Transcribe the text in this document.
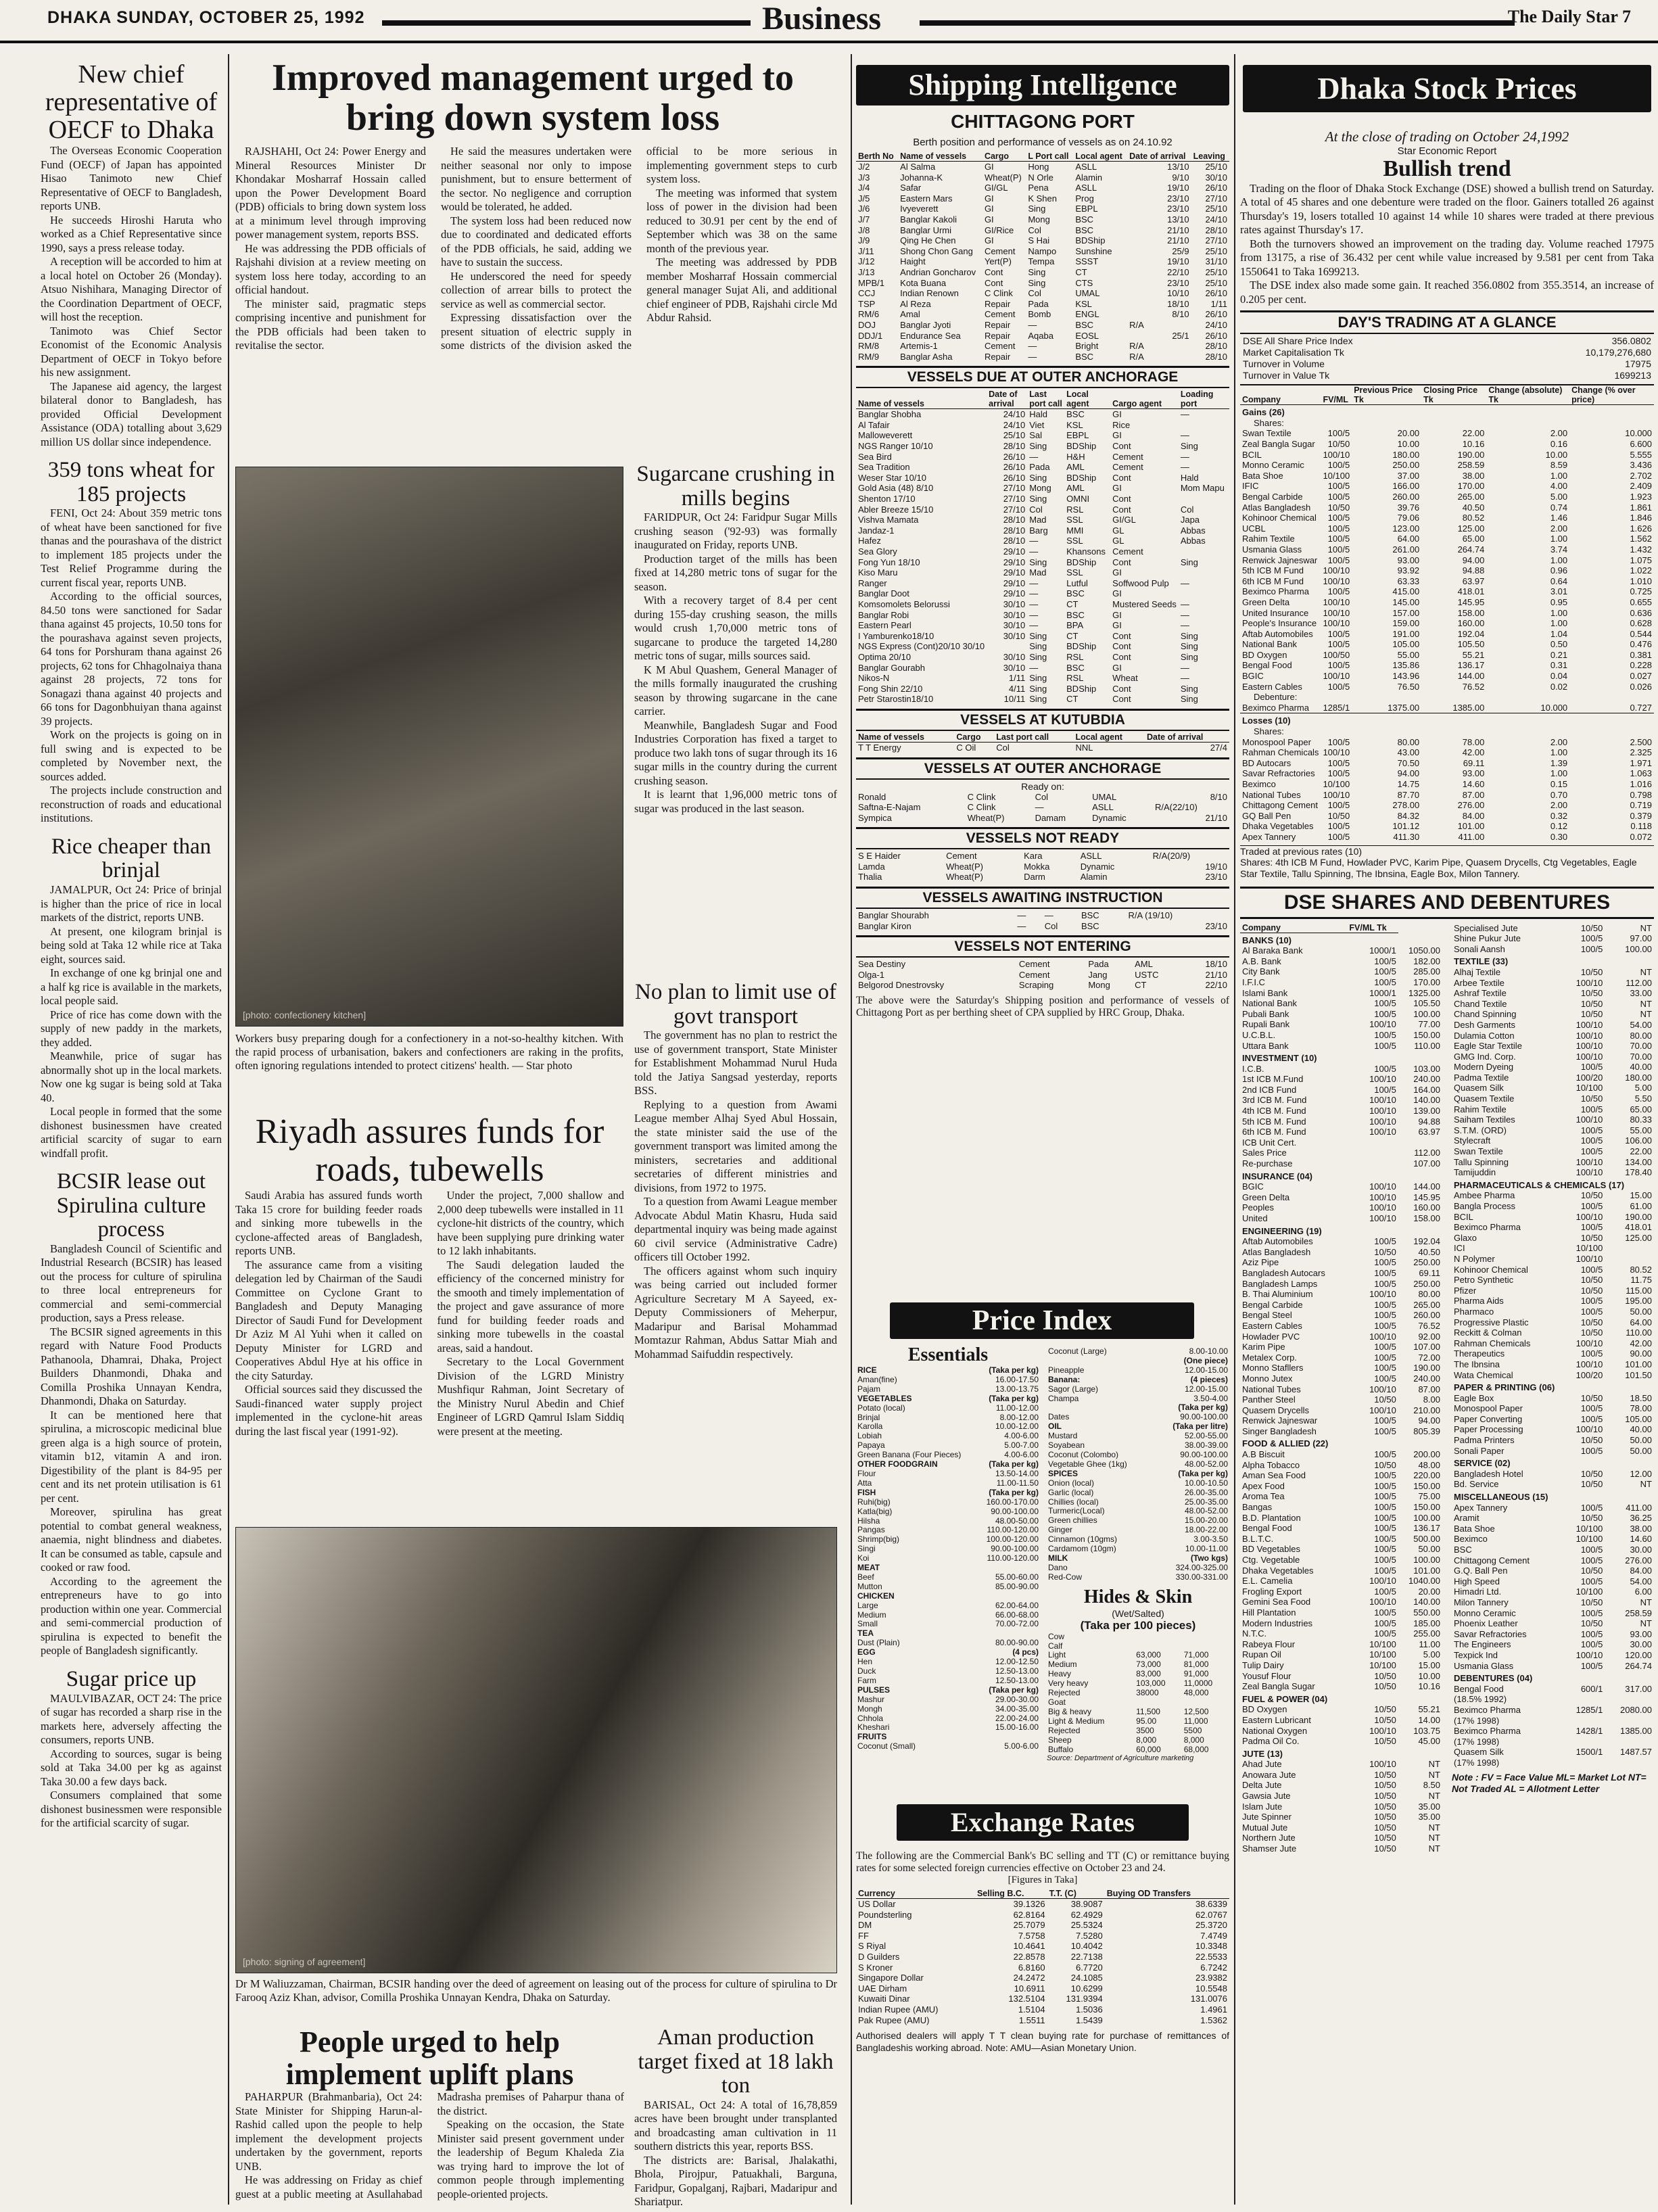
DHAKA SUNDAY, OCTOBER 25, 1992	Business	The Daily Star 7
New chief representative of OECF to Dhaka

The Overseas Economic Cooperation Fund (OECF) of Japan has appointed Hisao Tanimoto new Chief Representative of OECF to Bangladesh, reports UNB.

He succeeds Hiroshi Haruta who worked as a Chief Representative since 1990, says a press release today.

A reception will be accorded to him at a local hotel on October 26 (Monday). Atsuo Nishihara, Managing Director of the Coordination Department of OECF, will host the reception.

Tanimoto was Chief Sector Economist of the Economic Analysis Department of OECF in Tokyo before his new assignment.

The Japanese aid agency, the largest bilateral donor to Bangladesh, has provided Official Development Assistance (ODA) totalling about 3,629 million US dollar since independence.

359 tons wheat for 185 projects

FENI, Oct 24: About 359 metric tons of wheat have been sanctioned for five thanas and the pourashava of the district to implement 185 projects under the Test Relief Programme during the current fiscal year, reports UNB.

According to the official sources, 84.50 tons were sanctioned for Sadar thana against 45 projects, 10.50 tons for the pourashava against seven projects, 64 tons for Porshuram thana against 26 projects, 62 tons for Chhagolnaiya thana against 28 projects, 72 tons for Sonagazi thana against 40 projects and 66 tons for Dagonbhuiyan thana against 39 projects.

Work on the projects is going on in full swing and is expected to be completed by November next, the sources added.

The projects include construction and reconstruction of roads and educational institutions.

Rice cheaper than brinjal

JAMALPUR, Oct 24: Price of brinjal is higher than the price of rice in local markets of the district, reports UNB.

At present, one kilogram brinjal is being sold at Taka 12 while rice at Taka eight, sources said.

In exchange of one kg brinjal one and a half kg rice is available in the markets, local people said.

Price of rice has come down with the supply of new paddy in the markets, they added.

Meanwhile, price of sugar has abnormally shot up in the local markets. Now one kg sugar is being sold at Taka 40.

Local people in formed that the some dishonest businessmen have created artificial scarcity of sugar to earn windfall profit.

BCSIR lease out Spirulina culture process

Bangladesh Council of Scientific and Industrial Research (BCSIR) has leased out the process for culture of spirulina to three local entrepreneurs for commercial and semi-commercial production, says a Press release.

The BCSIR signed agreements in this regard with Nature Food Products Pathanoola, Dhamrai, Dhaka, Project Builders Dhanmondi, Dhaka and Comilla Proshika Unnayan Kendra, Dhanmondi, Dhaka on Saturday.

It can be mentioned here that spirulina, a microscopic medicinal blue green alga is a high source of protein, vitamin b12, vitamin A and iron. Digestibility of the plant is 84-95 per cent and its net protein utilisation is 61 per cent.

Moreover, spirulina has great potential to combat general weakness, anaemia, night blindness and diabetes. It can be consumed as table, capsule and cooked or raw food.

According to the agreement the entrepreneurs have to go into production within one year. Commercial and semi-commercial production of spirulina is expected to benefit the people of Bangladesh significantly.

Sugar price up

MAULVIBAZAR, OCT 24: The price of sugar has recorded a sharp rise in the markets here, adversely affecting the consumers, reports UNB.

According to sources, sugar is being sold at Taka 34.00 per kg as against Taka 30.00 a few days back.

Consumers complained that some dishonest businessmen were responsible for the artificial scarcity of sugar.

Improved management urged to bring down system loss

RAJSHAHI, Oct 24: Power Energy and Mineral Resources Minister Dr Khondakar Mosharraf Hossain called upon the Power Development Board (PDB) officials to bring down system loss at a minimum level through improving power management system, reports BSS.

He was addressing the PDB officials of Rajshahi division at a review meeting on system loss here today, according to an official handout.

The minister said, pragmatic steps comprising incentive and punishment for the PDB officials had been taken to revitalise the sector.

He said the measures undertaken were neither seasonal nor only to impose punishment, but to ensure betterment of the sector. No negligence and corruption would be tolerated, he added.

The system loss had been reduced now due to coordinated and dedicated efforts of the PDB officials, he said, adding we have to sustain the success.

He underscored the need for speedy collection of arrear bills to protect the service as well as commercial sector.

Expressing dissatisfaction over the present situation of electric supply in some districts of the division asked the official to be more serious in implementing government steps to curb system loss.

The meeting was informed that system loss of power in the division had been reduced to 30.91 per cent by the end of September which was 38 on the same month of the previous year.

The meeting was addressed by PDB member Mosharraf Hossain commercial general manager Sujat Ali, and additional chief engineer of PDB, Rajshahi circle Md Abdur Rahsid.

[photo: confectionery kitchen]
Workers busy preparing dough for a confectionery in a not-so-healthy kitchen. With the rapid process of urbanisation, bakers and confectioners are raking in the profits, often ignoring regulations intended to protect citizens' health. — Star photo
Sugarcane crushing in mills begins

FARIDPUR, Oct 24: Faridpur Sugar Mills crushing season ('92-93) was formally inaugurated on Friday, reports UNB.

Production target of the mills has been fixed at 14,280 metric tons of sugar for the season.

With a recovery target of 8.4 per cent during 155-day crushing season, the mills would crush 1,70,000 metric tons of sugarcane to produce the targeted 14,280 metric tons of sugar, mills sources said.

K M Abul Quashem, General Manager of the mills formally inaugurated the crushing season by throwing sugarcane in the cane carrier.

Meanwhile, Bangladesh Sugar and Food Industries Corporation has fixed a target to produce two lakh tons of sugar through its 16 sugar mills in the country during the current crushing season.

It is learnt that 1,96,000 metric tons of sugar was produced in the last season.

No plan to limit use of govt transport

The government has no plan to restrict the use of government transport, State Minister for Establishment Mohammad Nurul Huda told the Jatiya Sangsad yesterday, reports BSS.

Replying to a question from Awami League member Alhaj Syed Abul Hossain, the state minister said the use of the government transport was limited among the ministers, secretaries and additional secretaries of different ministries and divisions, from 1972 to 1975.

To a question from Awami League member Advocate Abdul Matin Khasru, Huda said departmental inquiry was being made against 60 civil service (Administrative Cadre) officers till October 1992.

The officers against whom such inquiry was being carried out included former Agriculture Secretary M A Sayeed, ex-Deputy Commissioners of Meherpur, Madaripur and Barisal Mohammad Momtazur Rahman, Abdus Sattar Miah and Mohammad Saifuddin respectively.

Riyadh assures funds for roads, tubewells

Saudi Arabia has assured funds worth Taka 15 crore for building feeder roads and sinking more tubewells in the cyclone-affected areas of Bangladesh, reports UNB.

The assurance came from a visiting delegation led by Chairman of the Saudi Committee on Cyclone Grant to Bangladesh and Deputy Managing Director of Saudi Fund for Development Dr Aziz M Al Yuhi when it called on Deputy Minister for LGRD and Cooperatives Abdul Hye at his office in the city Saturday.

Official sources said they discussed the Saudi-financed water supply project implemented in the cyclone-hit areas during the last fiscal year (1991-92).

Under the project, 7,000 shallow and 2,000 deep tubewells were installed in 11 cyclone-hit districts of the country, which have been supplying pure drinking water to 12 lakh inhabitants.

The Saudi delegation lauded the efficiency of the concerned ministry for the smooth and timely implementation of the project and gave assurance of more fund for building feeder roads and sinking more tubewells in the coastal areas, said a handout.

Secretary to the Local Government Division of the LGRD Ministry Mushfiqur Rahman, Joint Secretary of the Ministry Nurul Abedin and Chief Engineer of LGRD Qamrul Islam Siddiq were present at the meeting.

[photo: signing of agreement]
Dr M Waliuzzaman, Chairman, BCSIR handing over the deed of agreement on leasing out of the process for culture of spirulina to Dr Farooq Aziz Khan, advisor, Comilla Proshika Unnayan Kendra, Dhaka on Saturday.
People urged to help implement uplift plans

PAHARPUR (Brahmanbaria), Oct 24: State Minister for Shipping Harun-al-Rashid called upon the people to help implement the development projects undertaken by the government, reports UNB.

He was addressing on Friday as chief guest at a public meeting at Asullahabad Madrasha premises of Paharpur thana of the district.

Speaking on the occasion, the State Minister said present government under the leadership of Begum Khaleda Zia was trying hard to improve the lot of common people through implementing people-oriented projects.

Aman production target fixed at 18 lakh ton

BARISAL, Oct 24: A total of 16,78,859 acres have been brought under transplanted and broadcasting aman cultivation in 11 southern districts this year, reports BSS.

The districts are: Barisal, Jhalakathi, Bhola, Pirojpur, Patuakhali, Barguna, Faridpur, Gopalganj, Rajbari, Madaripur and Shariatpur.

Shipping Intelligence
CHITTAGONG PORT
Berth position and performance of vessels as on 24.10.92
Berth No	Name of vessels	Cargo	L Port call	Local agent	Date of arrival	Leaving
J/2	Al Salma	GI	Hong	ASLL	13/10	25/10
J/3	Johanna-K	Wheat(P)	N Orle	Alamin	9/10	30/10
J/4	Safar	GI/GL	Pena	ASLL	19/10	26/10
J/5	Eastern Mars	GI	K Shen	Prog	23/10	27/10
J/6	Ivyeverett	GI	Sing	EBPL	23/10	25/10
J/7	Banglar Kakoli	GI	Mong	BSC	13/10	24/10
J/8	Banglar Urmi	GI/Rice	Col	BSC	21/10	28/10
J/9	Qing He Chen	GI	S Hai	BDShip	21/10	27/10
J/11	Shong Chon Gang	Cement	Nampo	Sunshine	25/9	25/10
J/12	Haight	Yert(P)	Tempa	SSST	19/10	31/10
J/13	Andrian Goncharov	Cont	Sing	CT	22/10	25/10
MPB/1	Kota Buana	Cont	Sing	CTS	23/10	25/10
CCJ	Indian Renown	C Clink	Col	UMAL	10/10	26/10
TSP	Al Reza	Repair	Pada	KSL	18/10	1/11
RM/6	Amal	Cement	Bomb	ENGL	8/10	26/10
DOJ	Banglar Jyoti	Repair	—	BSC	R/A	24/10
DDJ/1	Endurance Sea	Repair	Aqaba	EOSL	25/1	26/10
RM/8	Artemis-1	Cement	—	Bright	R/A	28/10
RM/9	Banglar Asha	Repair	—	BSC	R/A	28/10
VESSELS DUE AT OUTER ANCHORAGE
Name of vessels	Date of arrival	Last port call	Local agent	Cargo agent	Loading port
Banglar Shobha	24/10	Hald	BSC	GI	—
Al Tafair	24/10	Viet	KSL	Rice	
Malloweverett	25/10	Sal	EBPL	GI	—
NGS Ranger 10/10	28/10	Sing	BDShip	Cont	Sing
Sea Bird	26/10	—	H&H	Cement	—
Sea Tradition	26/10	Pada	AML	Cement	—
Weser Star 10/10	26/10	Sing	BDShip	Cont	Hald
Gold Asia (48) 8/10	27/10	Mong	AML	GI	Mom Mapu
Shenton 17/10	27/10	Sing	OMNI	Cont	
Abler Breeze 15/10	27/10	Col	RSL	Cont	Col
Vishva Mamata	28/10	Mad	SSL	GI/GL	Japa
Jandaz-1	28/10	Barg	MMI	GL	Abbas
Hafez	28/10	—	SSL	GL	Abbas
Sea Glory	29/10	—	Khansons	Cement	
Fong Yun 18/10	29/10	Sing	BDShip	Cont	Sing
Kiso Maru	29/10	Mad	SSL	GI	
Ranger	29/10	—	Lutful	Soffwood Pulp	—
Banglar Doot	29/10	—	BSC	GI	
Komsomolets Belorussi	30/10	—	CT	Mustered Seeds	—
Banglar Robi	30/10	—	BSC	GI	—
Eastern Pearl	30/10	—	BPA	GI	—
I Yamburenko18/10	30/10	Sing	CT	Cont	Sing
NGS Express (Cont)20/10 30/10		Sing	BDShip	Cont	Sing
Optima 20/10	30/10	Sing	RSL	Cont	Sing
Banglar Gourabh	30/10	—	BSC	GI	—
Nikos-N	1/11	Sing	RSL	Wheat	—
Fong Shin 22/10	4/11	Sing	BDShip	Cont	Sing
Petr Starostin18/10	10/11	Sing	CT	Cont	Sing
VESSELS AT KUTUBDIA
Name of vessels	Cargo	Last port call	Local agent	Date of arrival
T T Energy	C Oil	Col	NNL	27/4
VESSELS AT OUTER ANCHORAGE
Ready on:
Ronald	C Clink	Col	UMAL	8/10
Saftna-E-Najam	C Clink	—	ASLL	R/A(22/10)
Sympica	Wheat(P)	Damam	Dynamic	21/10
VESSELS NOT READY
S E Haider	Cement	Kara	ASLL	R/A(20/9)
Lamda	Wheat(P)	Mokka	Dynamic	19/10
Thalia	Wheat(P)	Darm	Alamin	23/10
VESSELS AWAITING INSTRUCTION
Banglar Shourabh	—	—	BSC	R/A (19/10)
Banglar Kiron	—	Col	BSC	23/10
VESSELS NOT ENTERING
Sea Destiny	Cement	Pada	AML	18/10
Olga-1	Cement	Jang	USTC	21/10
Belgorod Dnestrovsky	Scraping	Mong	CT	22/10
The above were the Saturday's Shipping position and performance of vessels of Chittagong Port as per berthing sheet of CPA supplied by HRC Group, Dhaka.
Price Index
Essentials
RICE	(Taka per kg)
Aman(fine)	16.00-17.50
Pajam	13.00-13.75
VEGETABLES	(Taka per kg)
Potato (local)	11.00-12.00
Brinjal	8.00-12.00
Karolla	10.00-12.00
Lobiah	4.00-6.00
Papaya	5.00-7.00
Green Banana (Four Pieces)	4.00-6.00
OTHER FOODGRAIN	(Taka per kg)
Flour	13.50-14.00
Atta	11.00-11.50
FISH	(Taka per kg)
Ruhi(big)	160.00-170.00
Katla(big)	90.00-100.00
Hilsha	48.00-50.00
Pangas	110.00-120.00
Shrimp(big)	100.00-120.00
Singi	90.00-100.00
Koi	110.00-120.00
MEAT	
Beef	55.00-60.00
Mutton	85.00-90.00
CHICKEN	
Large	62.00-64.00
Medium	66.00-68.00
Small	70.00-72.00
TEA	
Dust (Plain)	80.00-90.00
EGG	(4 pcs)
Hen	12.00-12.50
Duck	12.50-13.00
Farm	12.50-13.00
PULSES	(Taka per kg)
Mashur	29.00-30.00
Mongh	34.00-35.00
Chhola	22.00-24.00
Kheshari	15.00-16.00
FRUITS	
Coconut (Small)	5.00-6.00
Coconut (Large)	8.00-10.00
	(One piece)
Pineapple	12.00-15.00
Banana:	(4 pieces)
Sagor (Large)	12.00-15.00
Champa	3.50-4.00
	(Taka per kg)
Dates	90.00-100.00
OIL	(Taka per litre)
Mustard	52.00-55.00
Soyabean	38.00-39.00
Coconut (Colombo)	90.00-100.00
Vegetable Ghee (1kg)	48.00-52.00
SPICES	(Taka per kg)
Onion (local)	10.00-10.50
Garlic (local)	26.00-35.00
Chillies (local)	25.00-35.00
Turmeric(Local)	48.00-52.00
Green chillies	15.00-20.00
Ginger	18.00-22.00
Cinnamon (10gms)	3.00-3.50
Cardamom (10gm)	10.00-11.00
MILK	(Two kgs)
Dano	324.00-325.00
Red-Cow	330.00-331.00
Hides & Skin
(Wet/Salted)
(Taka per 100 pieces)
Cow		
Calf		
Light	63,000	71,000
Medium	73,000	81,000
Heavy	83,000	91,000
Very heavy	103,000	11,0000
Rejected	38000	48,000
Goat		
Big & heavy	11,500	12,500
Light & Medium	95.00	11,000
Rejected	3500	5500
Sheep	8,000	8,000
Buffalo	60,000	68,000
Source: Department of Agriculture marketing
Exchange Rates
The following are the Commercial Bank's BC selling and TT (C) or remittance buying rates for some selected foreign currencies effective on October 23 and 24.
[Figures in Taka]
Currency	Selling B.C.	T.T. (C)	Buying OD Transfers
US Dollar	39.1326	38.9087	38.6339
Poundsterling	62.8164	62.4929	62.0767
DM	25.7079	25.5324	25.3720
FF	7.5758	7.5280	7.4749
S Riyal	10.4641	10.4042	10.3348
D Guilders	22.8578	22.7138	22.5533
S Kroner	6.8160	6.7720	6.7242
Singapore Dollar	24.2472	24.1085	23.9382
UAE Dirham	10.6911	10.6299	10.5548
Kuwaiti Dinar	132.5104	131.9394	131.0076
Indian Rupee (AMU)	1.5104	1.5036	1.4961
Pak Rupee (AMU)	1.5511	1.5439	1.5362
Authorised dealers will apply T T clean buying rate for purchase of remittances of Bangladeshis working abroad. Note: AMU—Asian Monetary Union.
Dhaka Stock Prices
At the close of trading on October 24,1992
Star Economic Report
Bullish trend

Trading on the floor of Dhaka Stock Exchange (DSE) showed a bullish trend on Saturday. A total of 45 shares and one debenture were traded on the floor. Gainers totalled 26 against Thursday's 19, losers totalled 10 against 14 while 10 shares were traded at there previous rates against Thursday's 17.

Both the turnovers showed an improvement on the trading day. Volume reached 17975 from 13175, a rise of 36.432 per cent while value increased by 9.581 per cent from Taka 1550641 to Taka 1699213.

The DSE index also made some gain. It reached 356.0802 from 355.3514, an increase of 0.205 per cent.

DAY'S TRADING AT A GLANCE
DSE All Share Price Index	356.0802
Market Capitalisation Tk	10,179,276,680
Turnover in Volume	17975
Turnover in Value Tk	1699213
Company	FV/ML	Previous Price Tk	Closing Price Tk	Change (absolute) Tk	Change (% over price)
Gains (26)					
Shares:					
Swan Textile	100/5	20.00	22.00	2.00	10.000
Zeal Bangla Sugar	10/50	10.00	10.16	0.16	6.600
BCIL	100/10	180.00	190.00	10.00	5.555
Monno Ceramic	100/5	250.00	258.59	8.59	3.436
Bata Shoe	10/100	37.00	38.00	1.00	2.702
IFIC	100/5	166.00	170.00	4.00	2.409
Bengal Carbide	100/5	260.00	265.00	5.00	1.923
Atlas Bangladesh	10/50	39.76	40.50	0.74	1.861
Kohinoor Chemical	100/5	79.06	80.52	1.46	1.846
UCBL	100/5	123.00	125.00	2.00	1.626
Rahim Textile	100/5	64.00	65.00	1.00	1.562
Usmania Glass	100/5	261.00	264.74	3.74	1.432
Renwick Jajneswar	100/5	93.00	94.00	1.00	1.075
5th ICB M Fund	100/10	93.92	94.88	0.96	1.022
6th ICB M Fund	100/10	63.33	63.97	0.64	1.010
Beximco Pharma	100/5	415.00	418.01	3.01	0.725
Green Delta	100/10	145.00	145.95	0.95	0.655
United Insurance	100/10	157.00	158.00	1.00	0.636
People's Insurance	100/10	159.00	160.00	1.00	0.628
Aftab Automobiles	100/5	191.00	192.04	1.04	0.544
National Bank	100/5	105.00	105.50	0.50	0.476
BD Oxygen	100/50	55.00	55.21	0.21	0.381
Bengal Food	100/5	135.86	136.17	0.31	0.228
BGIC	100/10	143.96	144.00	0.04	0.027
Eastern Cables	100/5	76.50	76.52	0.02	0.026
Debenture:					
Beximco Pharma	1285/1	1375.00	1385.00	10.000	0.727
Losses (10)					
Shares:					
Monospool Paper	100/5	80.00	78.00	2.00	2.500
Rahman Chemicals	100/10	43.00	42.00	1.00	2.325
BD Autocars	100/5	70.50	69.11	1.39	1.971
Savar Refractories	100/5	94.00	93.00	1.00	1.063
Beximco	10/100	14.75	14.60	0.15	1.016
National Tubes	100/10	87.70	87.00	0.70	0.798
Chittagong Cement	100/5	278.00	276.00	2.00	0.719
GQ Ball Pen	10/50	84.32	84.00	0.32	0.379
Dhaka Vegetables	100/5	101.12	101.00	0.12	0.118
Apex Tannery	100/5	411.30	411.00	0.30	0.072
Traded at previous rates (10)
Shares: 4th ICB M Fund, Howlader PVC, Karim Pipe, Quasem Drycells, Ctg Vegetables, Eagle Star Textile, Tallu Spinning, The Ibnsina, Eagle Box, Milon Tannery.
DSE SHARES AND DEBENTURES
Company	FV/ML Tk	
BANKS (10)		
Al Baraka Bank	1000/1	1050.00
A.B. Bank	100/5	182.00
City Bank	100/5	285.00
I.F.I.C	100/5	170.00
Islami Bank	1000/1	1325.00
National Bank	100/5	105.50
Pubali Bank	100/5	100.00
Rupali Bank	100/10	77.00
U.C.B.L.	100/5	150.00
Uttara Bank	100/5	110.00
INVESTMENT (10)		
I.C.B.	100/5	103.00
1st ICB M.Fund	100/10	240.00
2nd ICB Fund	100/5	164.00
3rd ICB M. Fund	100/10	140.00
4th ICB M. Fund	100/10	139.00
5th ICB M. Fund	100/10	94.88
6th ICB M. Fund	100/10	63.97
ICB Unit Cert.		
Sales Price		112.00
Re-purchase		107.00
INSURANCE (04)		
BGIC	100/10	144.00
Green Delta	100/10	145.95
Peoples	100/10	160.00
United	100/10	158.00
ENGINEERING (19)		
Aftab Automobiles	100/5	192.04
Atlas Bangladesh	10/50	40.50
Aziz Pipe	100/5	250.00
Bangladesh Autocars	100/5	69.11
Bangladesh Lamps	100/5	250.00
B. Thai Aluminium	100/10	80.00
Bengal Carbide	100/5	265.00
Bengal Steel	100/5	260.00
Eastern Cables	100/5	76.52
Howlader PVC	100/10	92.00
Karim Pipe	100/5	107.00
Metalex Corp.	100/5	72.00
Monno Stafllers	100/5	190.00
Monno Jutex	100/5	240.00
National Tubes	100/10	87.00
Panther Steel	10/50	8.00
Quasem Drycells	100/10	210.00
Renwick Jajneswar	100/5	94.00
Singer Bangladesh	100/5	805.39
FOOD & ALLIED (22)		
A.B Biscuit	100/5	200.00
Alpha Tobacco	10/50	48.00
Aman Sea Food	100/5	220.00
Apex Food	100/5	150.00
Aroma Tea	100/5	75.00
Bangas	100/5	150.00
B.D. Plantation	100/5	100.00
Bengal Food	100/5	136.17
B.L.T.C.	100/5	500.00
BD Vegetables	100/5	50.00
Ctg. Vegetable	100/5	100.00
Dhaka Vegetables	100/5	101.00
E.L. Camelia	100/10	1040.00
Frogling Export	100/5	20.00
Gemini Sea Food	100/10	140.00
Hill Plantation	100/5	550.00
Modern Industries	100/5	185.00
N.T.C.	100/5	255.00
Rabeya Flour	10/100	11.00
Rupan Oil	10/100	5.00
Tulip Dairy	10/100	15.00
Yousuf Flour	10/50	10.00
Zeal Bangla Sugar	10/50	10.16
FUEL & POWER (04)		
BD Oxygen	10/50	55.21
Eastern Lubricant	10/50	14.00
National Oxygen	100/10	103.75
Padma Oil Co.	10/50	45.00
JUTE (13)		
Ahad Jute	100/10	NT
Anowara Jute	10/50	NT
Delta Jute	10/50	8.50
Gawsia Jute	10/50	NT
Islam Jute	10/50	35.00
Jute Spinner	10/50	35.00
Mutual Jute	10/50	NT
Northern Jute	10/50	NT
Shamser Jute	10/50	NT
Specialised Jute	10/50	NT
Shine Pukur Jute	100/5	97.00
Sonali Aansh	100/5	100.00
TEXTILE (33)		
Alhaj Textile	10/50	NT
Arbee Textile	100/10	112.00
Ashraf Textile	10/50	33.00
Chand Textile	10/50	NT
Chand Spinning	10/50	NT
Desh Garments	100/10	54.00
Dulamia Cotton	100/10	80.00
Eagle Star Textile	100/10	70.00
GMG Ind. Corp.	100/10	70.00
Modern Dyeing	100/5	40.00
Padma Textile	100/20	180.00
Quasem Silk	10/100	5.00
Quasem Textile	10/50	5.50
Rahim Textile	100/5	65.00
Saiham Textiles	100/10	80.33
S.T.M. (ORD)	100/5	55.00
Stylecraft	100/5	106.00
Swan Textile	100/5	22.00
Tallu Spinning	100/10	134.00
Tamijuddin	100/10	178.40
PHARMACEUTICALS & CHEMICALS (17)		
Ambee Pharma	10/50	15.00
Bangla Process	100/5	61.00
BCIL	100/10	190.00
Beximco Pharma	100/5	418.01
Glaxo	10/50	125.00
ICI	10/100	
N Polymer	100/10	
Kohinoor Chemical	100/5	80.52
Petro Synthetic	10/50	11.75
Pfizer	10/50	115.00
Pharma Aids	100/5	195.00
Pharmaco	100/5	50.00
Progressive Plastic	10/50	64.00
Reckitt & Colman	10/50	110.00
Rahman Chemicals	100/10	42.00
Therapeutics	100/5	90.00
The Ibnsina	100/10	101.00
Wata Chemical	100/20	101.50
PAPER & PRINTING (06)		
Eagle Box	10/50	18.50
Monospool Paper	100/5	78.00
Paper Converting	100/5	105.00
Paper Processing	100/10	40.00
Padma Printers	10/50	50.00
Sonali Paper	100/5	50.00
SERVICE (02)		
Bangladesh Hotel	10/50	12.00
Bd. Service	10/50	NT
MISCELLANEOUS (15)		
Apex Tannery	100/5	411.00
Aramit	10/50	36.25
Bata Shoe	10/100	38.00
Beximco	10/100	14.60
BSC	100/5	30.00
Chittagong Cement	100/5	276.00
G.Q. Ball Pen	10/50	84.00
High Speed	100/5	54.00
Himadri Ltd.	10/100	6.00
Milon Tannery	10/50	NT
Monno Ceramic	100/5	258.59
Phoenix Leather	10/50	NT
Savar Refractories	100/5	93.00
The Engineers	100/5	30.00
Texpick Ind	100/10	120.00
Usmania Glass	100/5	264.74
DEBENTURES (04)		
Bengal Food	600/1	317.00
(18.5% 1992)		
Beximco Pharma	1285/1	2080.00
(17% 1998)		
Beximco Pharma	1428/1	1385.00
(17% 1998)		
Quasem Silk	1500/1	1487.57
(17% 1998)		
Note : FV = Face Value ML= Market Lot NT= Not Traded AL = Allotment Letter
